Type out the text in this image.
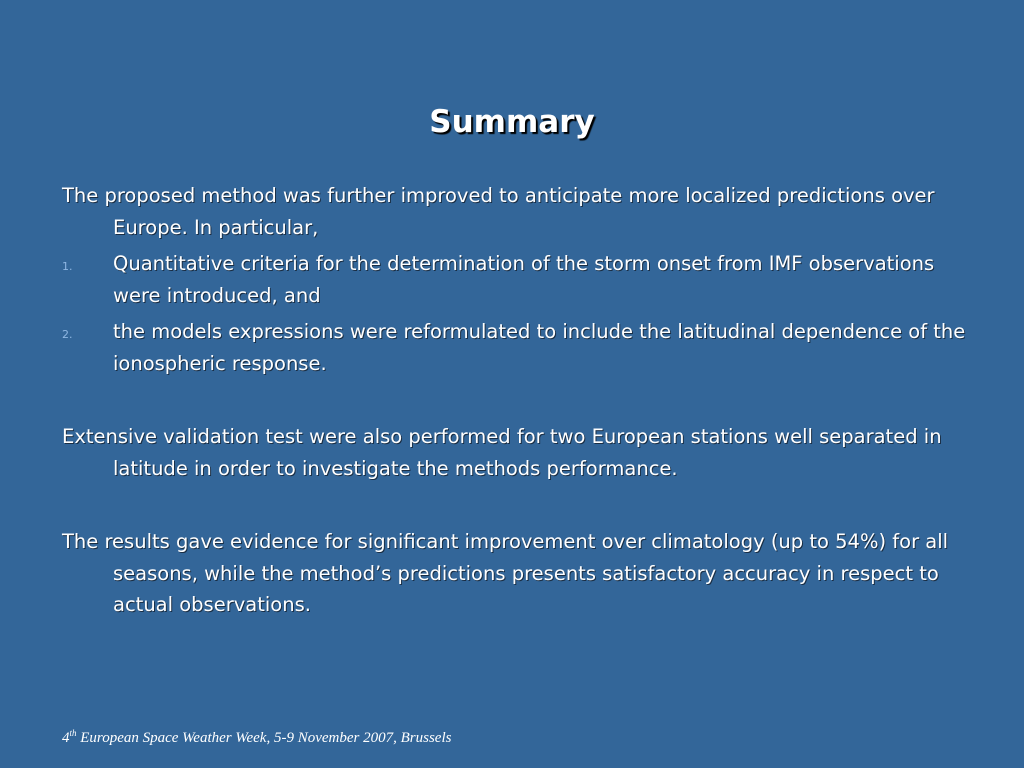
Summary

The proposed method was further improved to anticipate more localized predictions over Europe. In particular,

1. Quantitative criteria for the determination of the storm onset from IMF observations were introduced, and
2. the models expressions were reformulated to include the latitudinal dependence of the ionospheric response.

Extensive validation test were also performed for two European stations well separated in latitude in order to investigate the methods performance.

The results gave evidence for significant improvement over climatology (up to 54%) for all seasons, while the method’s predictions presents satisfactory accuracy in respect to actual observations.

4th European Space Weather Week, 5-9 November 2007, Brussels
